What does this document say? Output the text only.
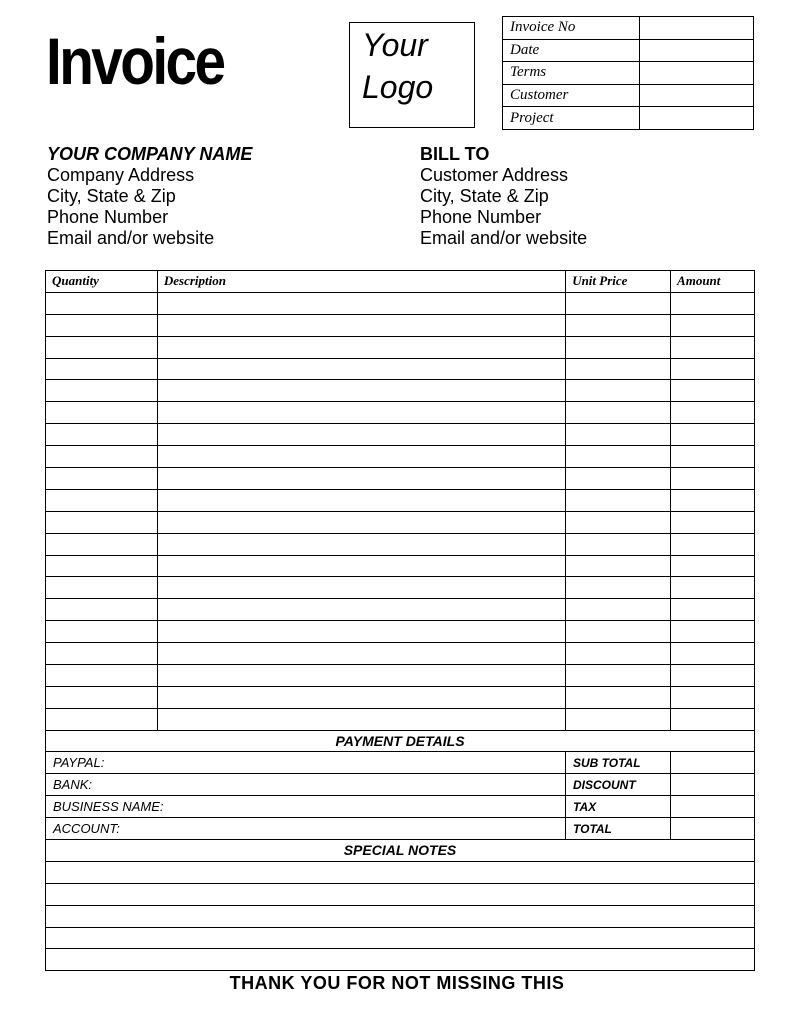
Invoice	Your
Logo
Invoice No	
Date	
Terms	
Customer	
Project	
YOUR COMPANY NAME
Company Address
City, State & Zip
Phone Number
Email and/or website
BILL TO
Customer Address
City, State & Zip
Phone Number
Email and/or website
Quantity	Description	Unit Price	Amount

PAYMENT DETAILS		
PAYPAL:	SUB TOTAL	
BANK:	DISCOUNT	
BUSINESS NAME:	TAX	
ACCOUNT:	TOTAL	
SPECIAL NOTES		

THANK YOU FOR NOT MISSING THIS
